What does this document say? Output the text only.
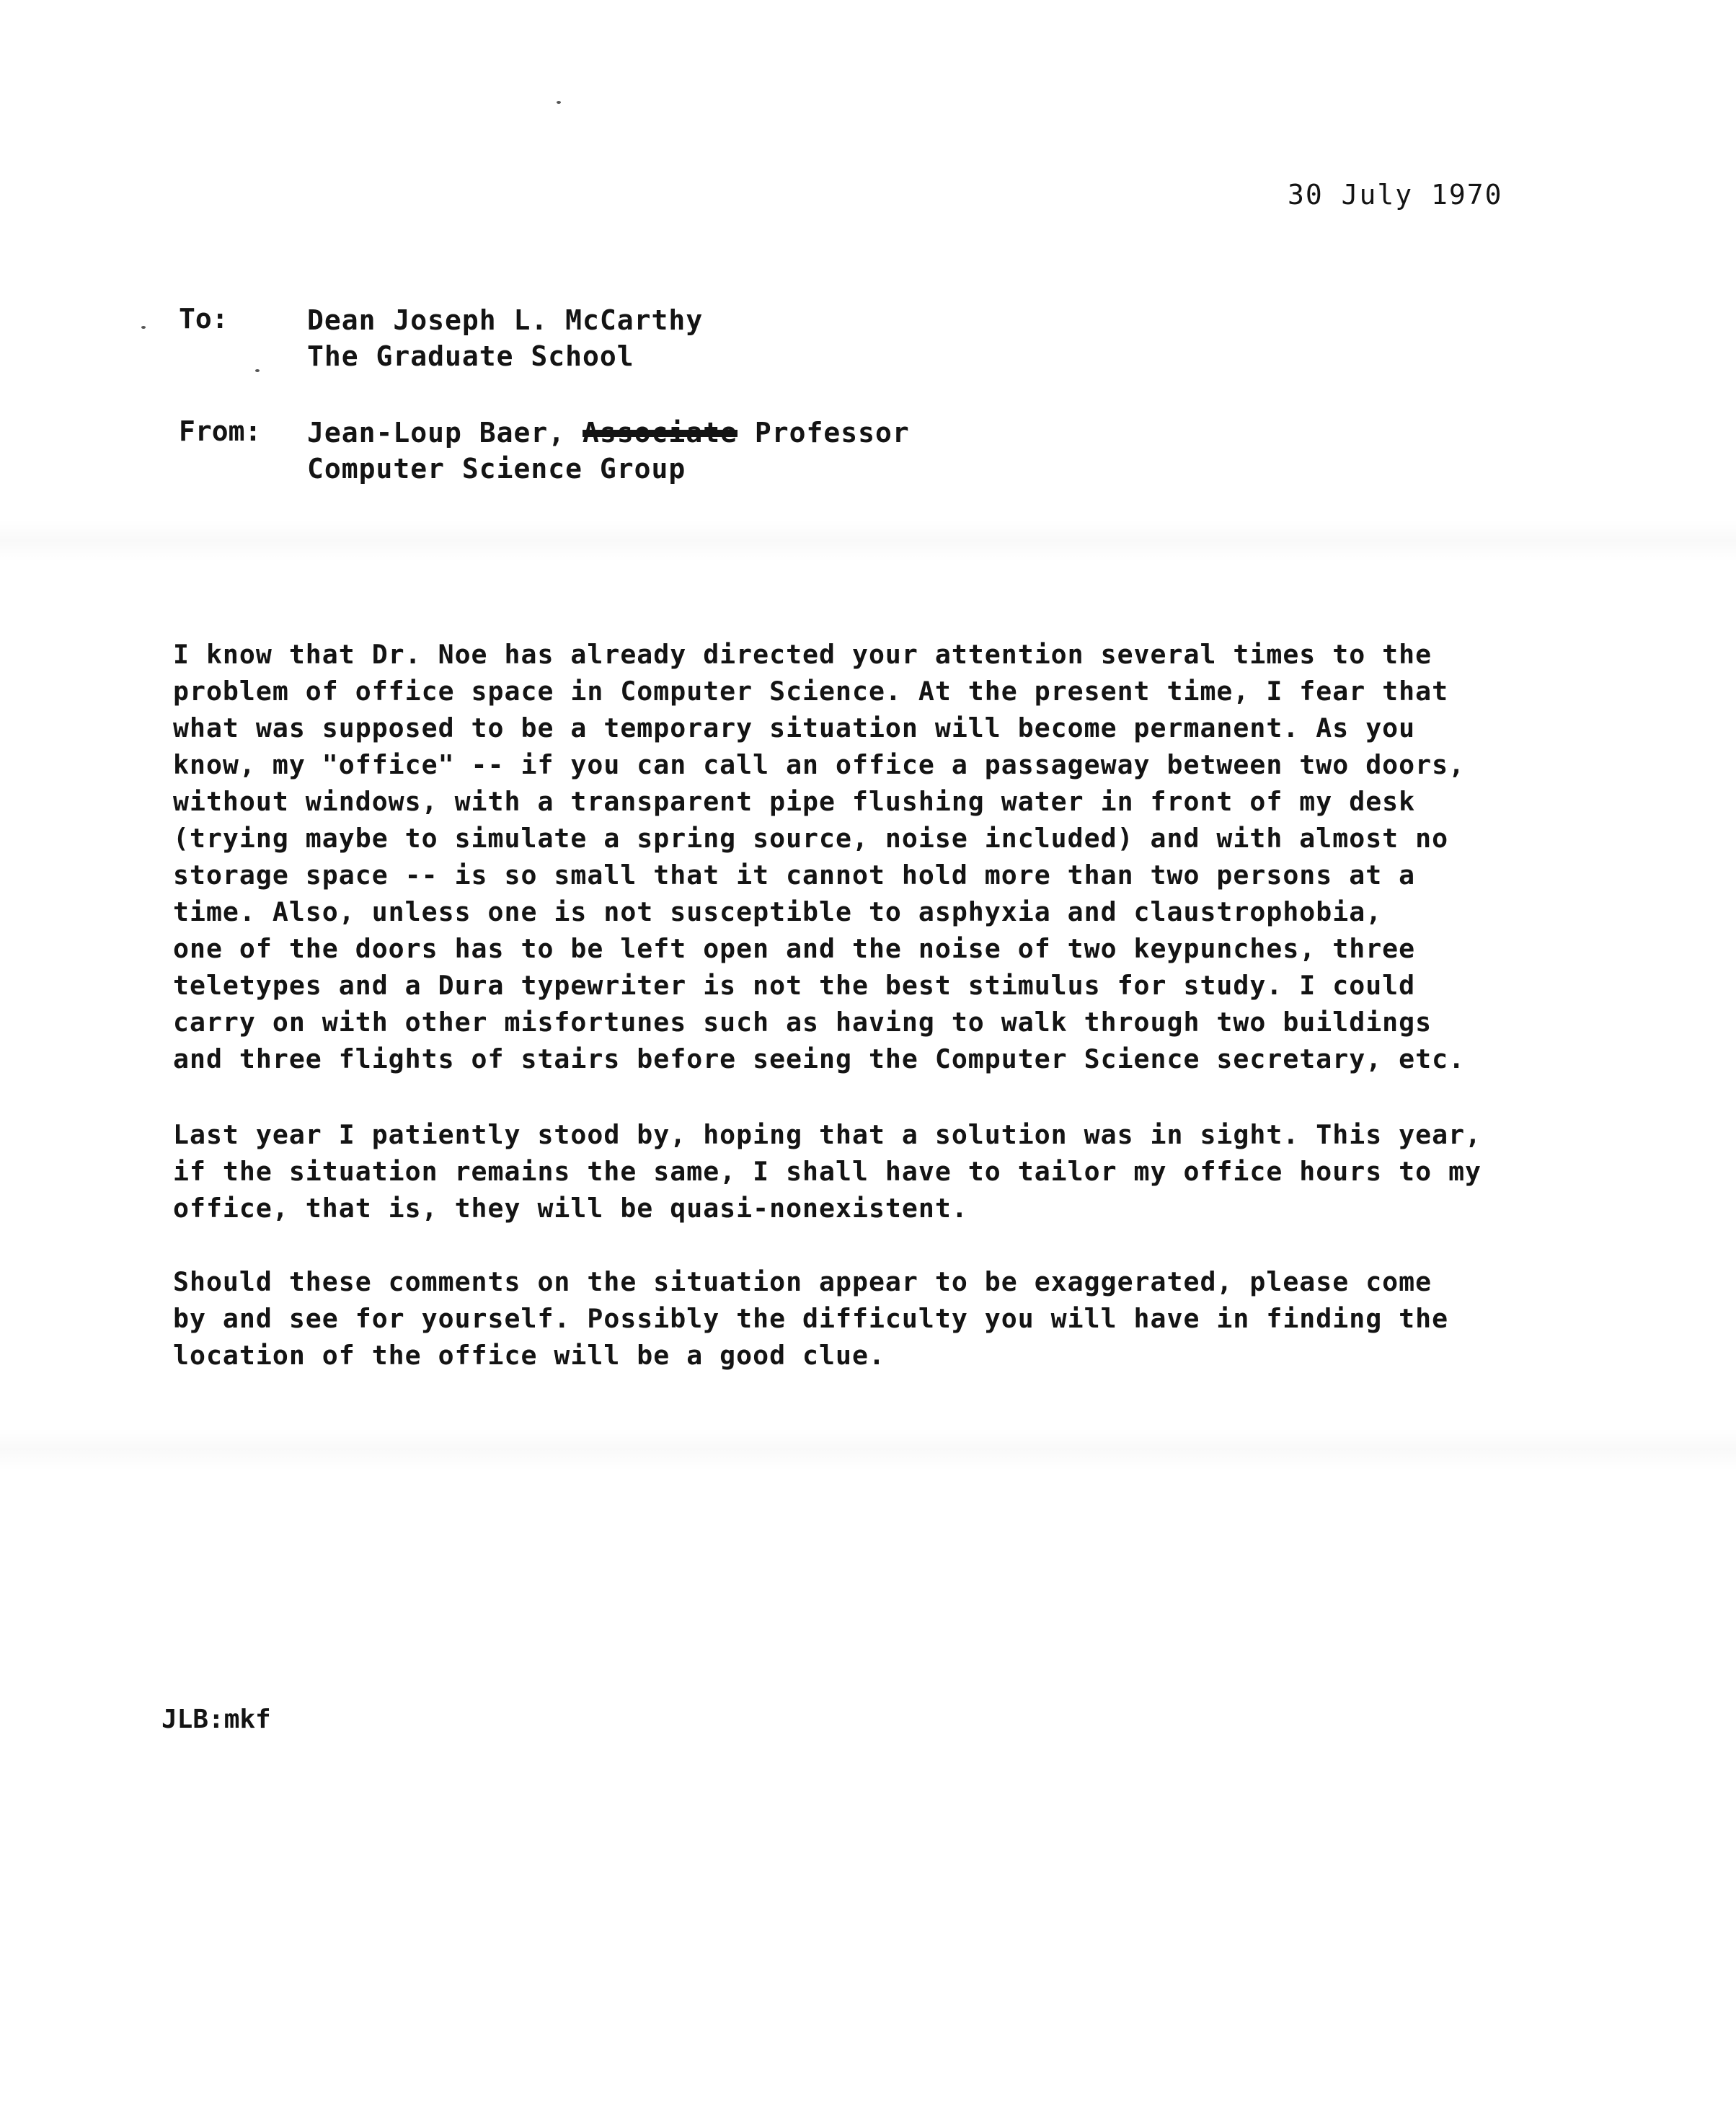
30 July 1970
To:	Dean Joseph L. McCarthy
The Graduate School
From: Jean-Loup Baer, Associate Professor
Computer Science Group
I know that Dr. Noe has already directed your attention several times to the
problem of office space in Computer Science. At the present time, I fear that
what was supposed to be a temporary situation will become permanent. As you
know, my "office" -- if you can call an office a passageway between two doors,
without windows, with a transparent pipe flushing water in front of my desk
(trying maybe to simulate a spring source, noise included) and with almost no
storage space -- is so small that it cannot hold more than two persons at a
time. Also, unless one is not susceptible to asphyxia and claustrophobia,
one of the doors has to be left open and the noise of two keypunches, three
teletypes and a Dura typewriter is not the best stimulus for study. I could
carry on with other misfortunes such as having to walk through two buildings
and three flights of stairs before seeing the Computer Science secretary, etc.
Last year I patiently stood by, hoping that a solution was in sight. This year,
if the situation remains the same, I shall have to tailor my office hours to my
office, that is, they will be quasi-nonexistent.
Should these comments on the situation appear to be exaggerated, please come
by and see for yourself. Possibly the difficulty you will have in finding the
location of the office will be a good clue.
JLB:mkf
